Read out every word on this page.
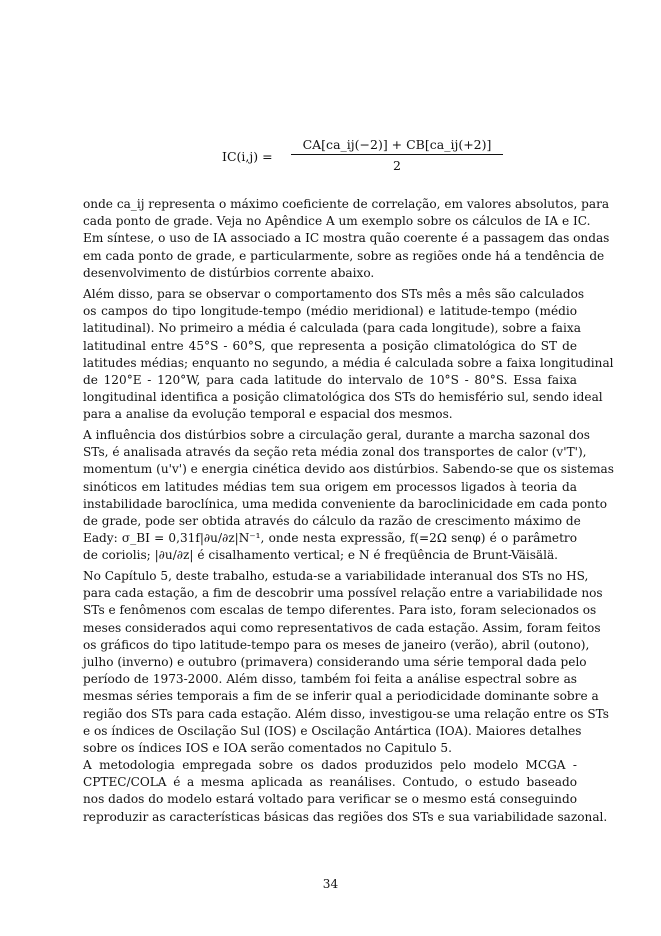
$IC(i,j) = \frac{CA[ca\_ij(-2)] + CB[ca\_ij(+2)]}{2}$
onde ca_ij representa o máximo coeficiente de correlação, em valores absolutos, para
cada ponto de grade. Veja no Apêndice A um exemplo sobre os cálculos de IA e IC.
Em síntese, o uso de IA associado a IC mostra quão coerente é a passagem das ondas
em cada ponto de grade, e particularmente, sobre as regiões onde há a tendência de
desenvolvimento de distúrbios corrente abaixo.
Além disso, para se observar o comportamento dos STs mês a mês são calculados
os campos do tipo longitude-tempo (médio meridional) e latitude-tempo (médio
latitudinal). No primeiro a média é calculada (para cada longitude), sobre a faixa
latitudinal entre 45°S - 60°S, que representa a posição climatológica do ST de
latitudes médias; enquanto no segundo, a média é calculada sobre a faixa longitudinal
de 120°E - 120°W, para cada latitude do intervalo de 10°S - 80°S. Essa faixa
longitudinal identifica a posição climatológica dos STs do hemisfério sul, sendo ideal
para a analise da evolução temporal e espacial dos mesmos.
A influência dos distúrbios sobre a circulação geral, durante a marcha sazonal dos
STs, é analisada através da seção reta média zonal dos transportes de calor (v'T'),
momentum (u'v') e energia cinética devido aos distúrbios. Sabendo-se que os sistemas
sinóticos em latitudes médias tem sua origem em processos ligados à teoria da
instabilidade baroclínica, uma medida conveniente da baroclinicidade em cada ponto
de grade, pode ser obtida através do cálculo da razão de crescimento máximo de
Eady: σ_BI = 0,31f|∂u/∂z|N⁻¹, onde nesta expressão, f(=2Ω senφ) é o parâmetro
de coriolis; |∂u/∂z| é cisalhamento vertical; e N é freqüência de Brunt-Väisälä.
No Capítulo 5, deste trabalho, estuda-se a variabilidade interanual dos STs no HS,
para cada estação, a fim de descobrir uma possível relação entre a variabilidade nos
STs e fenômenos com escalas de tempo diferentes. Para isto, foram selecionados os
meses considerados aqui como representativos de cada estação. Assim, foram feitos
os gráficos do tipo latitude-tempo para os meses de janeiro (verão), abril (outono),
julho (inverno) e outubro (primavera) considerando uma série temporal dada pelo
período de 1973-2000. Além disso, também foi feita a análise espectral sobre as
mesmas séries temporais a fim de se inferir qual a periodicidade dominante sobre a
região dos STs para cada estação. Além disso, investigou-se uma relação entre os STs
e os índices de Oscilação Sul (IOS) e Oscilação Antártica (IOA). Maiores detalhes
sobre os índices IOS e IOA serão comentados no Capitulo 5.
A metodologia empregada sobre os dados produzidos pelo modelo MCGA -
CPTEC/COLA é a mesma aplicada as reanálises. Contudo, o estudo baseado
nos dados do modelo estará voltado para verificar se o mesmo está conseguindo
reproduzir as características básicas das regiões dos STs e sua variabilidade sazonal.
34
